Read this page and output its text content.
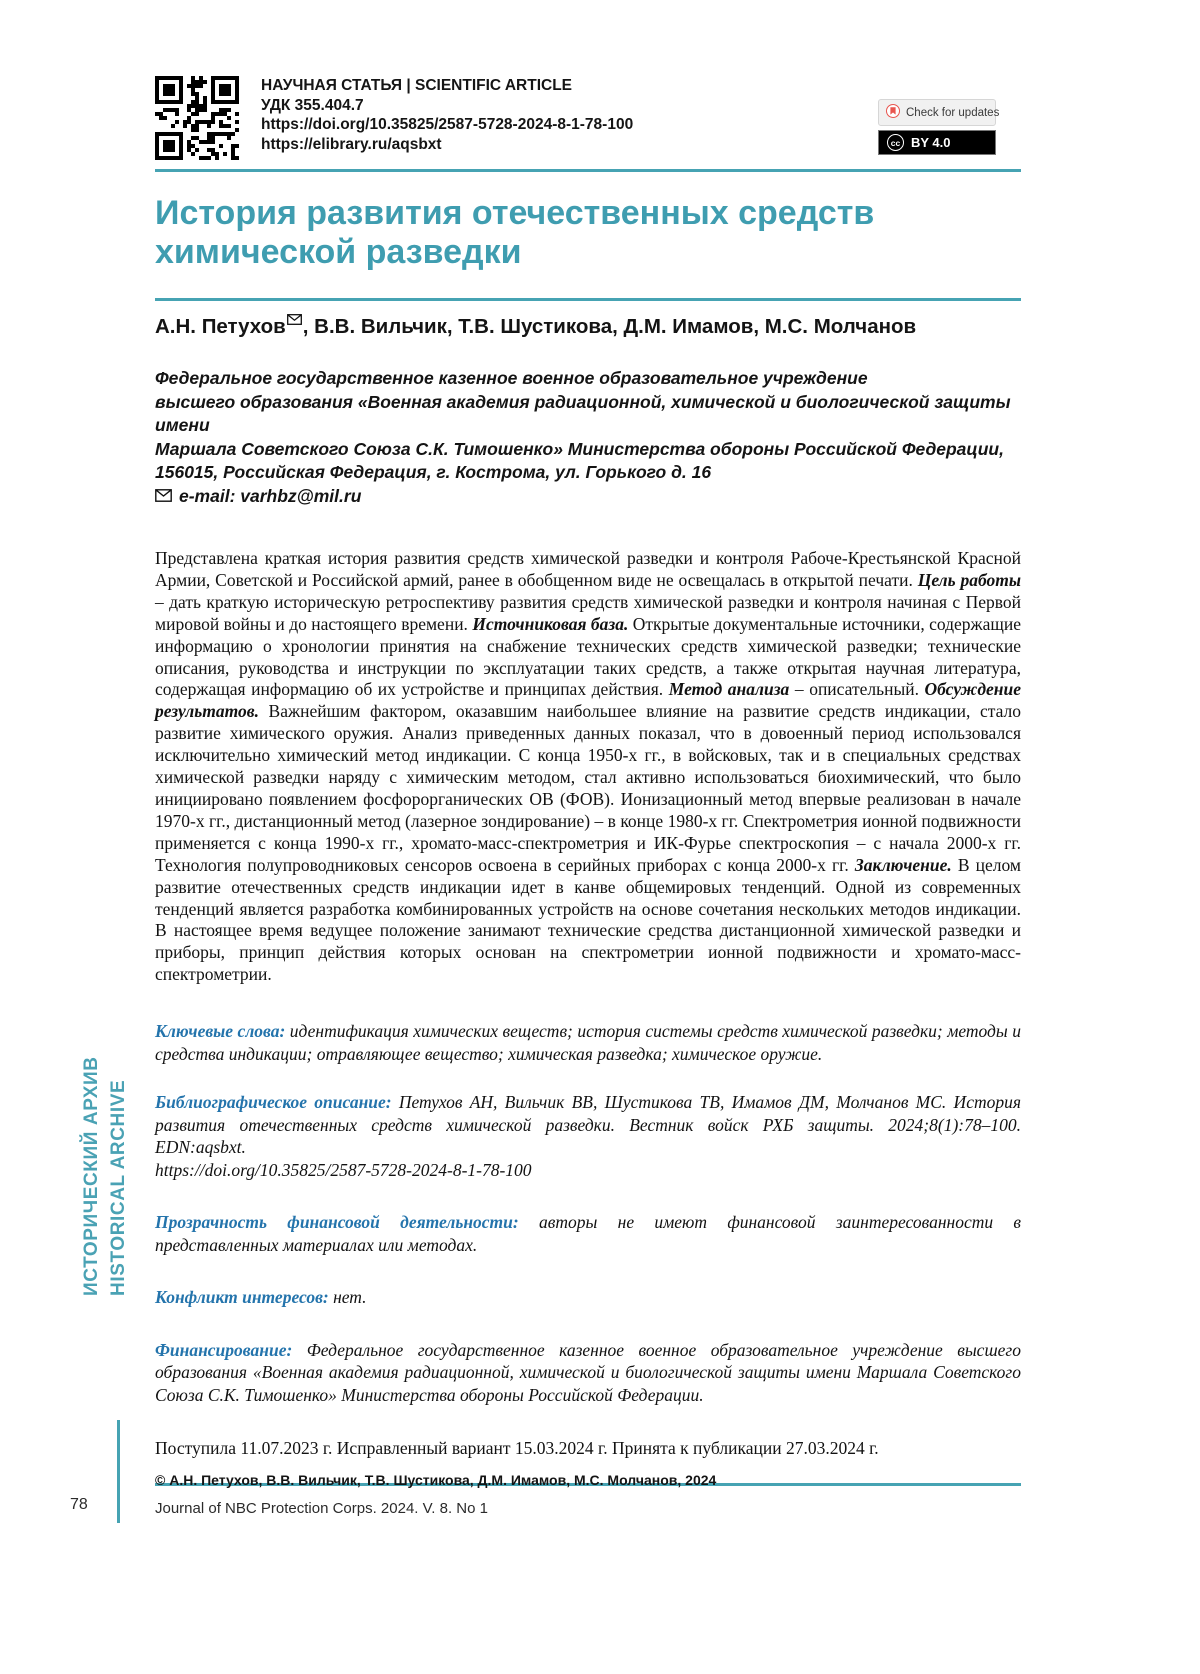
ИСТОРИЧЕСКИЙ АРХИВ HISTORICAL ARCHIVE
Check for updates
cc BY 4.0
НАУЧНАЯ СТАТЬЯ | SCIENTIFIC ARTICLE
УДК 355.404.7
https://doi.org/10.35825/2587-5728-2024-8-1-78-100
https://elibrary.ru/aqsbxt
История развития отечественных средств
химической разведки
А.Н. Петухов , В.В. Вильчик, Т.В. Шустикова, Д.М. Имамов, М.С. Молчанов
Федеральное государственное казенное военное образовательное учреждение
высшего образования «Военная академия радиационной, химической и биологической защиты имени
Маршала Советского Союза С.К. Тимошенко» Министерства обороны Российской Федерации,
156015, Российская Федерация, г. Кострома, ул. Горького д. 16
e-mail: varhbz@mil.ru

Представлена краткая история развития средств химической разведки и контроля Рабоче-Крестьянской Красной Армии, Советской и Российской армий, ранее в обобщенном виде не освещалась в открытой печати. Цель работы – дать краткую историческую ретроспективу развития средств химической разведки и контроля начиная с Первой мировой войны и до настоящего времени. Источниковая база. Открытые документальные источники, содержащие информацию о хронологии принятия на снабжение технических средств химической разведки; технические описания, руководства и инструкции по эксплуатации таких средств, а также открытая научная литература, содержащая информацию об их устройстве и принципах действия. Метод анализа – описательный. Обсуждение результатов. Важнейшим фактором, оказавшим наибольшее влияние на развитие средств индикации, стало развитие химического оружия. Анализ приведенных данных показал, что в довоенный период использовался исключительно химический метод индикации. С конца 1950-х гг., в войсковых, так и в специальных средствах химической разведки наряду с химическим методом, стал активно использоваться биохимический, что было инициировано появлением фосфорорганических ОВ (ФОВ). Ионизационный метод впервые реализован в начале 1970-х гг., дистанционный метод (лазерное зондирование) – в конце 1980-х гг. Спектрометрия ионной подвижности применяется с конца 1990-х гг., хромато-масс-спектрометрия и ИК-Фурье спектроскопия – с начала 2000-х гг. Технология полупроводниковых сенсоров освоена в серийных приборах с конца 2000-х гг. Заключение. В целом развитие отечественных средств индикации идет в канве общемировых тенденций. Одной из современных тенденций является разработка комбинированных устройств на основе сочетания нескольких методов индикации. В настоящее время ведущее положение занимают технические средства дистанционной химической разведки и приборы, принцип действия которых основан на спектрометрии ионной подвижности и хромато-масс-спектрометрии.

Ключевые слова: идентификация химических веществ; история системы средств химической разведки; методы и средства индикации; отравляющее вещество; химическая разведка; химическое оружие.

Библиографическое описание: Петухов АН, Вильчик ВВ, Шустикова ТВ, Имамов ДМ, Молчанов МС. История развития отечественных средств химической разведки. Вестник войск РХБ защиты. 2024;8(1):78–100. EDN:aqsbxt.
https://doi.org/10.35825/2587-5728-2024-8-1-78-100

Прозрачность финансовой деятельности: авторы не имеют финансовой заинтересованности в представленных материалах или методах.

Конфликт интересов: нет.

Финансирование: Федеральное государственное казенное военное образовательное учреждение высшего образования «Военная академия радиационной, химической и биологической защиты имени Маршала Советского Союза С.К. Тимошенко» Министерства обороны Российской Федерации.

Поступила 11.07.2023 г. Исправленный вариант 15.03.2024 г. Принята к публикации 27.03.2024 г.

78
© А.Н. Петухов, В.В. Вильчик, Т.В. Шустикова, Д.М. Имамов, М.С. Молчанов, 2024
Journal of NBC Protection Corps. 2024. V. 8. No 1
